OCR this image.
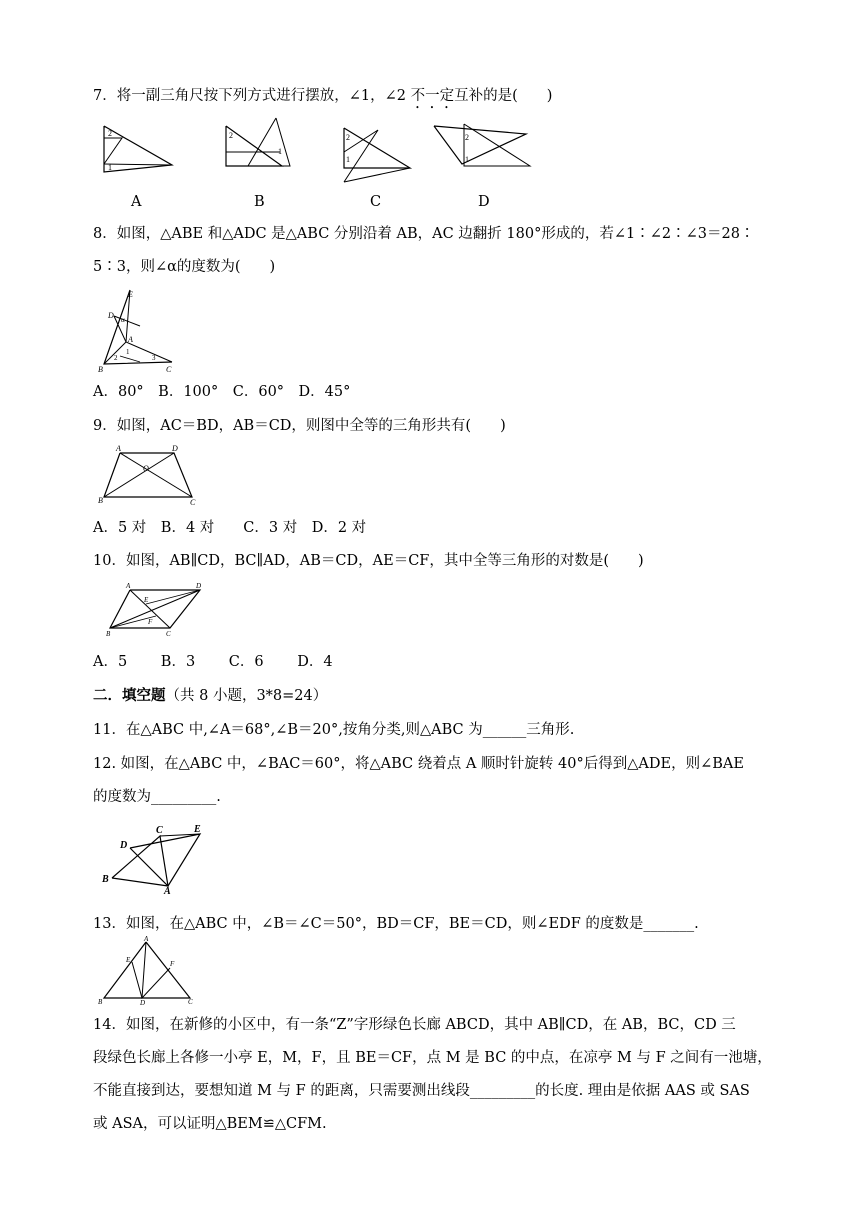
7．将一副三角尺按下列方式进行摆放，∠1，∠2 不一定互补的是(　　)
2
1
2
1
2
1
2
1
A	B	C	D
8．如图，△ABE 和△ADC 是△ABC 分别沿着 AB，AC 边翻折 180°形成的，若∠1∶∠2∶∠3＝28∶
5∶3，则∠α的度数为(　　)
E
D
A
B	C
1
2	3
α
A．80°　B．100°　C．60°　D．45°
9．如图，AC＝BD，AB＝CD，则图中全等的三角形共有(　　)
A	D
O
B	C
A．5 对　B．4 对　　C．3 对　D．2 对
10．如图，AB∥CD，BC∥AD，AB＝CD，AE＝CF，其中全等三角形的对数是(　　)
A	D
E
F
B	C
A．5　　 B．3　　 C．6　　 D．4
二．填空题（共 8 小题，3*8=24）
11．在△ABC 中,∠A＝68°,∠B＝20°,按角分类,则△ABC 为______三角形.
12. 如图，在△ABC 中，∠BAC＝60°，将△ABC 绕着点 A 顺时针旋转 40°后得到△ADE，则∠BAE
的度数为_________.
D
C	E
B
A
13．如图，在△ABC 中，∠B＝∠C＝50°，BD＝CF，BE＝CD，则∠EDF 的度数是_______.
A
E	F
B	D	C
14．如图，在新修的小区中，有一条“Z”字形绿色长廊 ABCD，其中 AB∥CD，在 AB，BC，CD 三
段绿色长廊上各修一小亭 E，M，F，且 BE＝CF，点 M 是 BC 的中点，在凉亭 M 与 F 之间有一池塘，
不能直接到达，要想知道 M 与 F 的距离，只需要测出线段_________的长度. 理由是依据 AAS 或 SAS
或 ASA，可以证明△BEM≌△CFM.
